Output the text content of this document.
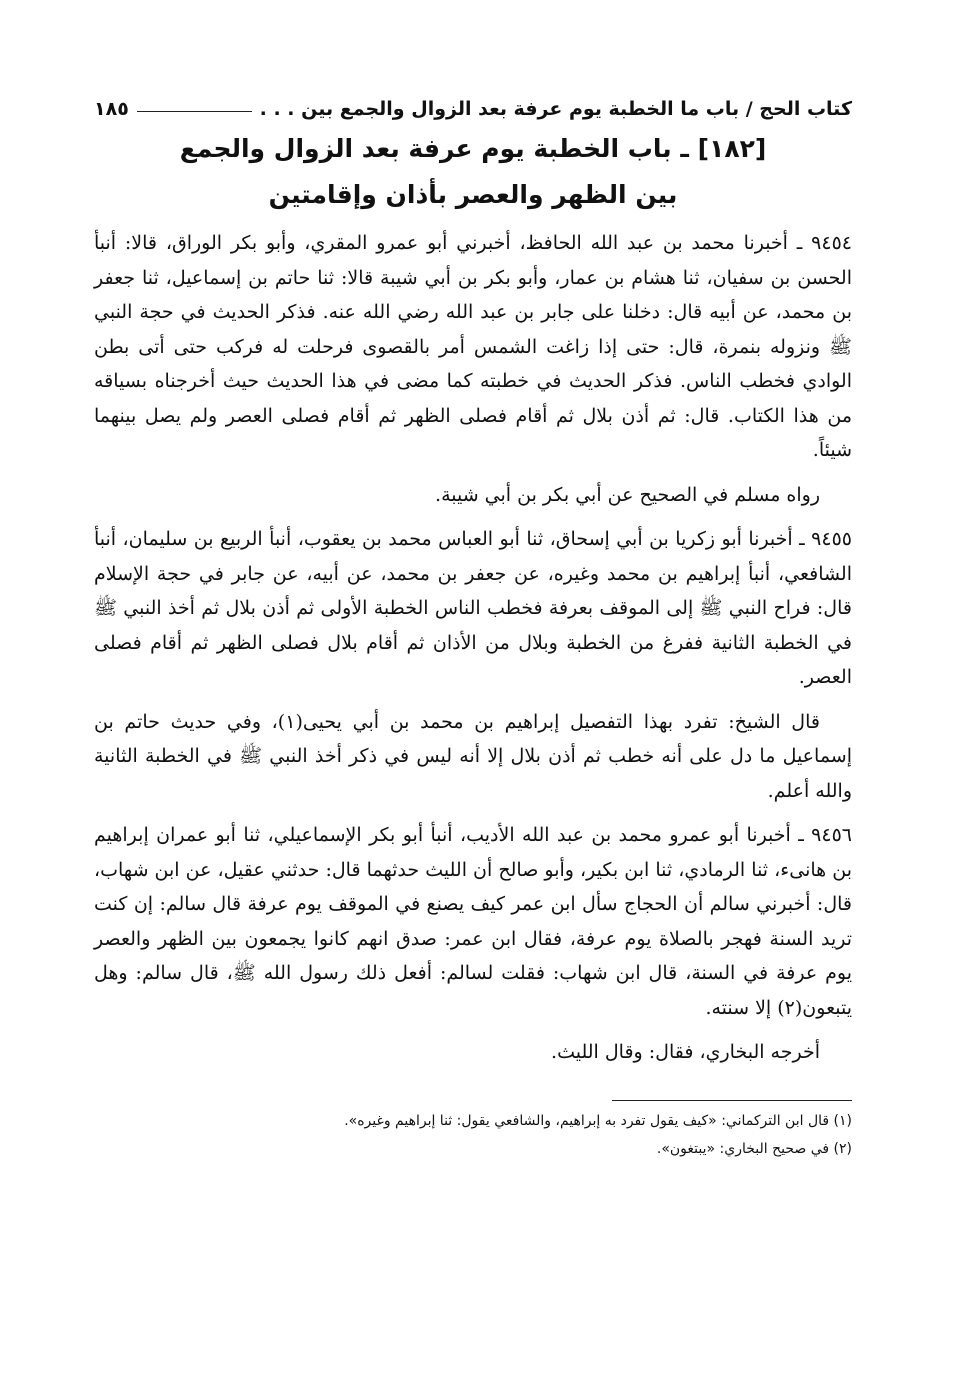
كتاب الحج / باب ما الخطبة يوم عرفة بعد الزوال والجمع بين . . .
١٨٥
[١٨٢] ـ باب الخطبة يوم عرفة بعد الزوال والجمع
بين الظهر والعصر بأذان وإقامتين

٩٤٥٤ ـ أخبرنا محمد بن عبد الله الحافظ، أخبرني أبو عمرو المقري، وأبو بكر الوراق، قالا: أنبأ الحسن بن سفيان، ثنا هشام بن عمار، وأبو بكر بن أبي شيبة قالا: ثنا حاتم بن إسماعيل، ثنا جعفر بن محمد، عن أبيه قال: دخلنا على جابر بن عبد الله رضي الله عنه. فذكر الحديث في حجة النبي ﷺ ونزوله بنمرة، قال: حتى إذا زاغت الشمس أمر بالقصوى فرحلت له فركب حتى أتى بطن الوادي فخطب الناس. فذكر الحديث في خطبته كما مضى في هذا الحديث حيث أخرجناه بسياقه من هذا الكتاب. قال: ثم أذن بلال ثم أقام فصلى الظهر ثم أقام فصلى العصر ولم يصل بينهما شيئاً.

رواه مسلم في الصحيح عن أبي بكر بن أبي شيبة.

٩٤٥٥ ـ أخبرنا أبو زكريا بن أبي إسحاق، ثنا أبو العباس محمد بن يعقوب، أنبأ الربيع بن سليمان، أنبأ الشافعي، أنبأ إبراهيم بن محمد وغيره، عن جعفر بن محمد، عن أبيه، عن جابر في حجة الإسلام قال: فراح النبي ﷺ إلى الموقف بعرفة فخطب الناس الخطبة الأولى ثم أذن بلال ثم أخذ النبي ﷺ في الخطبة الثانية ففرغ من الخطبة وبلال من الأذان ثم أقام بلال فصلى الظهر ثم أقام فصلى العصر.

قال الشيخ: تفرد بهذا التفصيل إبراهيم بن محمد بن أبي يحيى(١)، وفي حديث حاتم بن إسماعيل ما دل على أنه خطب ثم أذن بلال إلا أنه ليس في ذكر أخذ النبي ﷺ في الخطبة الثانية والله أعلم.

٩٤٥٦ ـ أخبرنا أبو عمرو محمد بن عبد الله الأديب، أنبأ أبو بكر الإسماعيلي، ثنا أبو عمران إبراهيم بن هانىء، ثنا الرمادي، ثنا ابن بكير، وأبو صالح أن الليث حدثهما قال: حدثني عقيل، عن ابن شهاب، قال: أخبرني سالم أن الحجاج سأل ابن عمر كيف يصنع في الموقف يوم عرفة قال سالم: إن كنت تريد السنة فهجر بالصلاة يوم عرفة، فقال ابن عمر: صدق انهم كانوا يجمعون بين الظهر والعصر يوم عرفة في السنة، قال ابن شهاب: فقلت لسالم: أفعل ذلك رسول الله ﷺ، قال سالم: وهل يتبعون(٢) إلا سنته.

أخرجه البخاري، فقال: وقال الليث.

(١) قال ابن التركماني: «كيف يقول تفرد به إبراهيم، والشافعي يقول: ثنا إبراهيم وغيره».
(٢) في صحيح البخاري: «يبتغون».
